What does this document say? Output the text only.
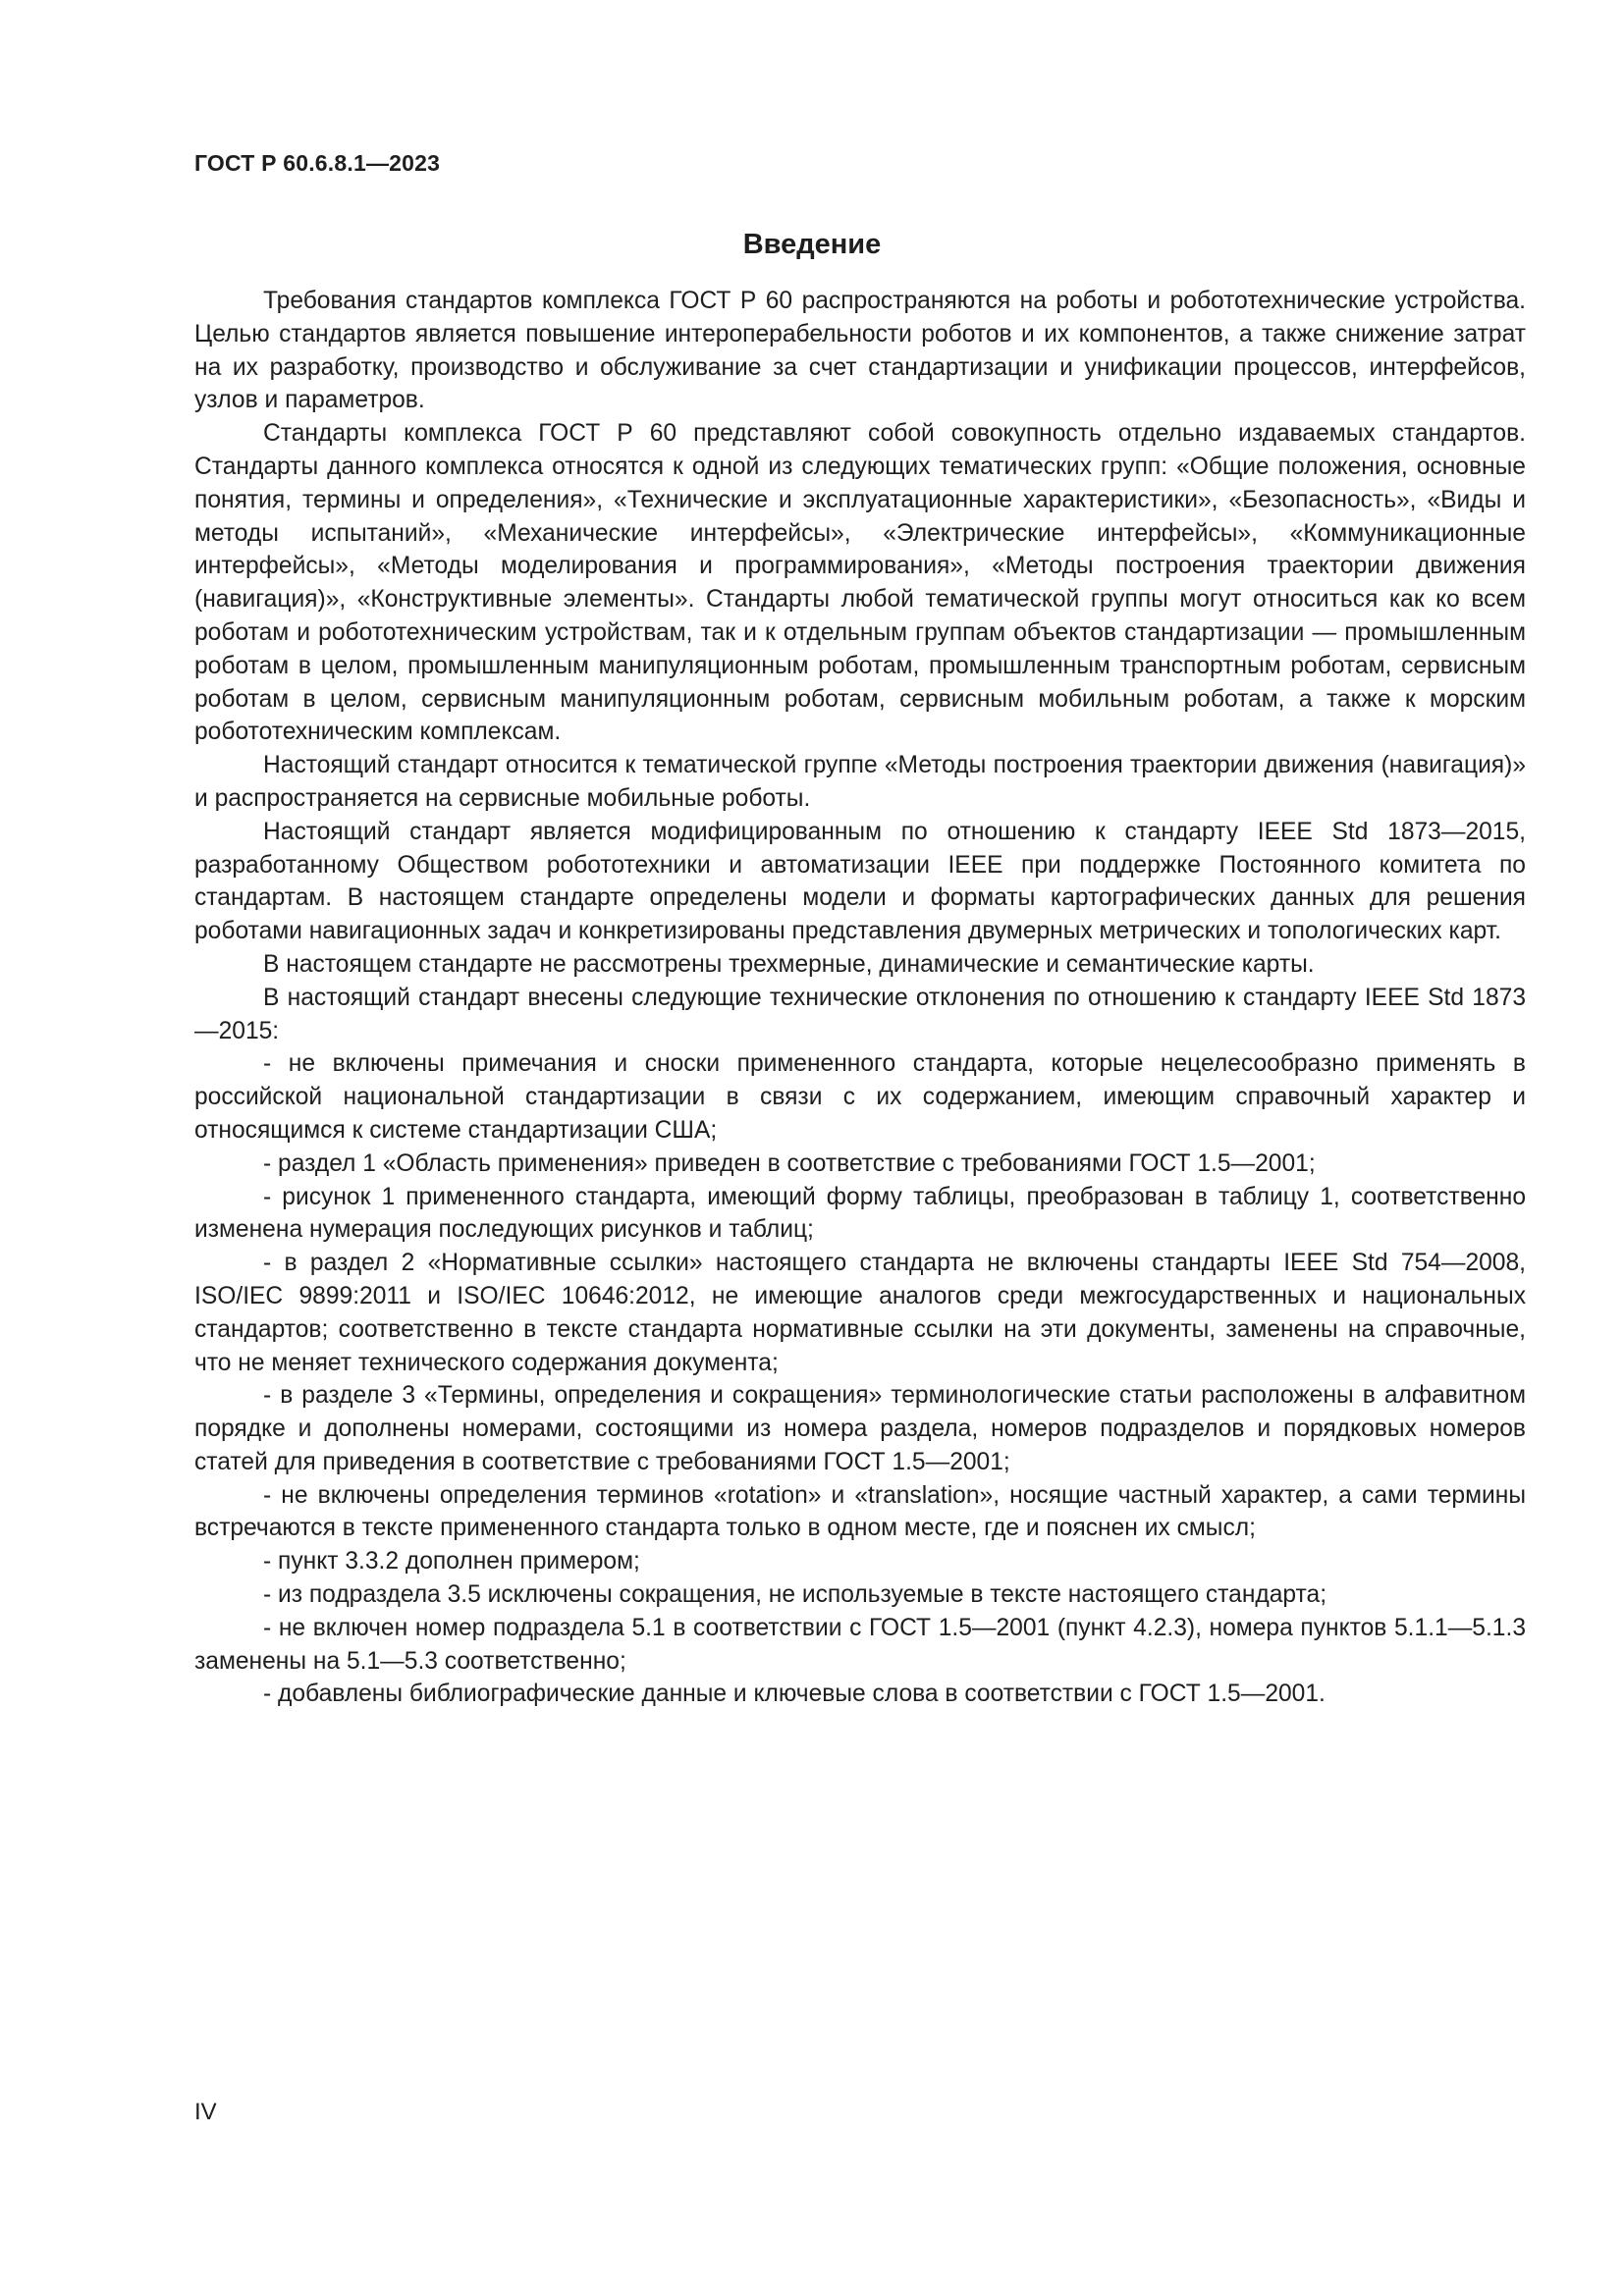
ГОСТ Р 60.6.8.1—2023
Введение

Требования стандартов комплекса ГОСТ Р 60 распространяются на роботы и робототехнические устройства. Целью стандартов является повышение интероперабельности роботов и их компонентов, а также снижение затрат на их разработку, производство и обслуживание за счет стандартизации и унификации процессов, интерфейсов, узлов и параметров.

Стандарты комплекса ГОСТ Р 60 представляют собой совокупность отдельно издаваемых стандартов. Стандарты данного комплекса относятся к одной из следующих тематических групп: «Общие положения, основные понятия, термины и определения», «Технические и эксплуатационные характеристики», «Безопасность», «Виды и методы испытаний», «Механические интерфейсы», «Электрические интерфейсы», «Коммуникационные интерфейсы», «Методы моделирования и программирования», «Методы построения траектории движения (навигация)», «Конструктивные элементы». Стандарты любой тематической группы могут относиться как ко всем роботам и робототехническим устройствам, так и к отдельным группам объектов стандартизации — промышленным роботам в целом, промышленным манипуляционным роботам, промышленным транспортным роботам, сервисным роботам в целом, сервисным манипуляционным роботам, сервисным мобильным роботам, а также к морским робототехническим комплексам.

Настоящий стандарт относится к тематической группе «Методы построения траектории движения (навигация)» и распространяется на сервисные мобильные роботы.

Настоящий стандарт является модифицированным по отношению к стандарту IEEE Std 1873—2015, разработанному Обществом робототехники и автоматизации IEEE при поддержке Постоянного комитета по стандартам. В настоящем стандарте определены модели и форматы картографических данных для решения роботами навигационных задач и конкретизированы представления двумерных метрических и топологических карт.

В настоящем стандарте не рассмотрены трехмерные, динамические и семантические карты.

В настоящий стандарт внесены следующие технические отклонения по отношению к стандарту IEEE Std 1873—2015:

- не включены примечания и сноски примененного стандарта, которые нецелесообразно применять в российской национальной стандартизации в связи с их содержанием, имеющим справочный характер и относящимся к системе стандартизации США;

- раздел 1 «Область применения» приведен в соответствие с требованиями ГОСТ 1.5—2001;

- рисунок 1 примененного стандарта, имеющий форму таблицы, преобразован в таблицу 1, соответственно изменена нумерация последующих рисунков и таблиц;

- в раздел 2 «Нормативные ссылки» настоящего стандарта не включены стандарты IEEE Std 754—2008, ISO/IEC 9899:2011 и ISO/IEC 10646:2012, не имеющие аналогов среди межгосударственных и национальных стандартов; соответственно в тексте стандарта нормативные ссылки на эти документы, заменены на справочные, что не меняет технического содержания документа;

- в разделе 3 «Термины, определения и сокращения» терминологические статьи расположены в алфавитном порядке и дополнены номерами, состоящими из номера раздела, номеров подразделов и порядковых номеров статей для приведения в соответствие с требованиями ГОСТ 1.5—2001;

- не включены определения терминов «rotation» и «translation», носящие частный характер, а сами термины встречаются в тексте примененного стандарта только в одном месте, где и пояснен их смысл;

- пункт 3.3.2 дополнен примером;

- из подраздела 3.5 исключены сокращения, не используемые в тексте настоящего стандарта;

- не включен номер подраздела 5.1 в соответствии с ГОСТ 1.5—2001 (пункт 4.2.3), номера пунктов 5.1.1—5.1.3 заменены на 5.1—5.3 соответственно;

- добавлены библиографические данные и ключевые слова в соответствии с ГОСТ 1.5—2001.

IV
